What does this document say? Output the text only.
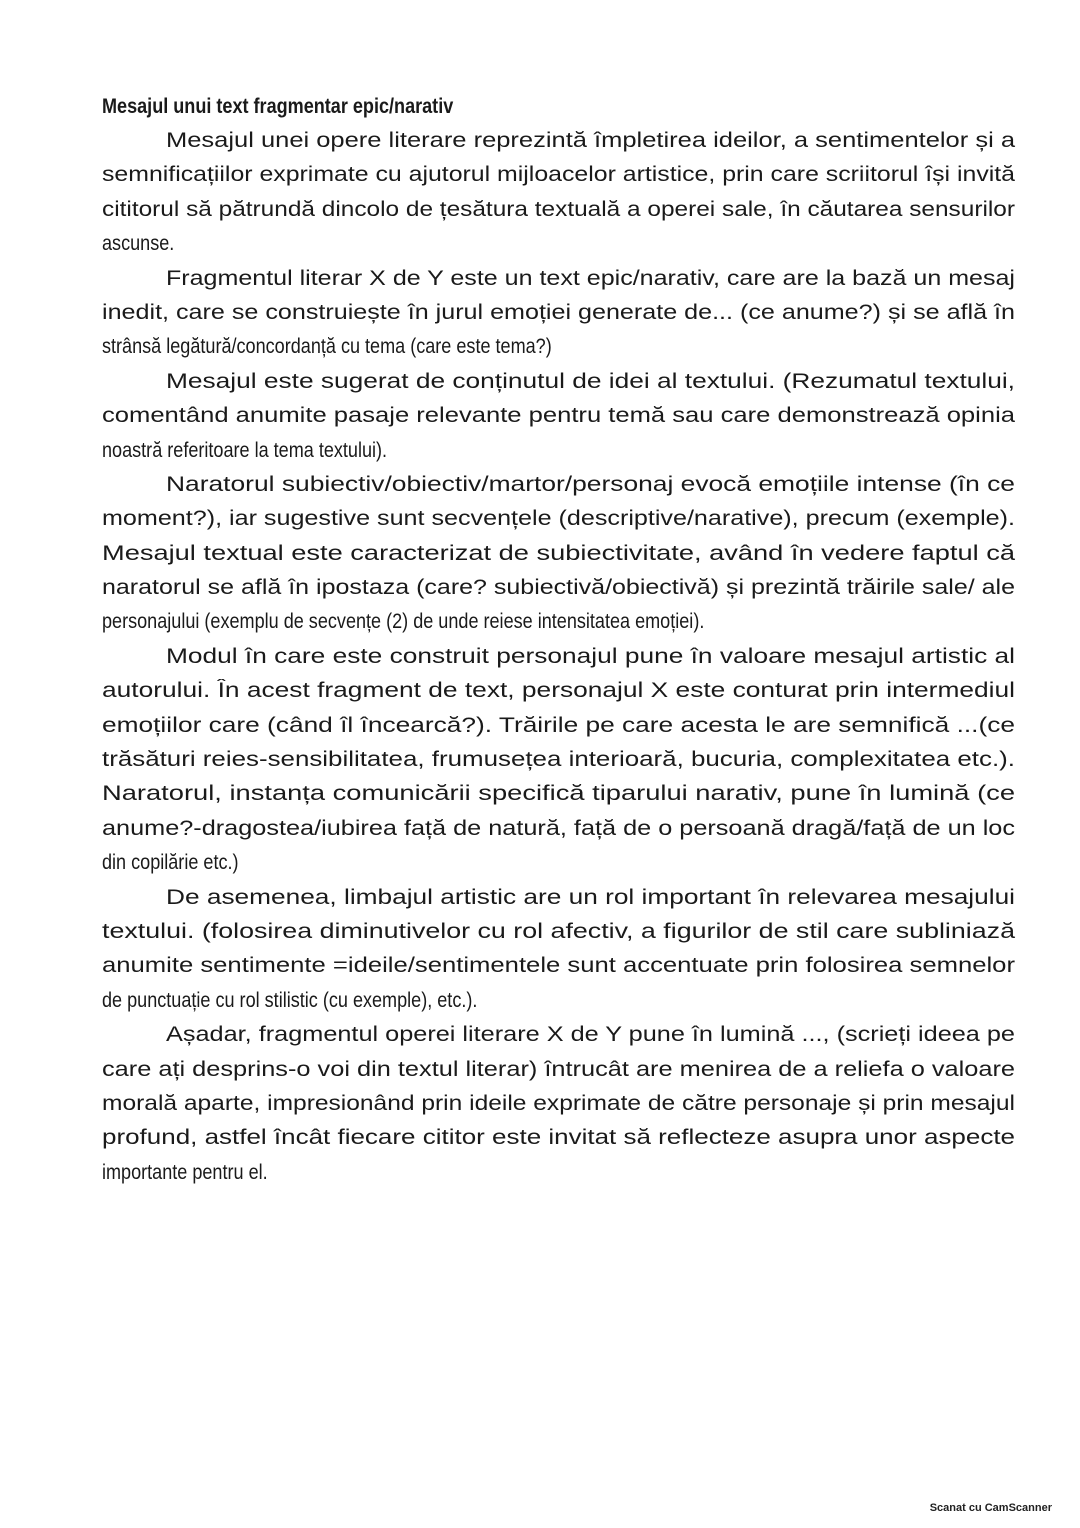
Mesajul unui text fragmentar epic/narativ
Mesajul unei opere literare reprezintă împletirea ideilor, a sentimentelor și a
semnificațiilor exprimate cu ajutorul mijloacelor artistice, prin care scriitorul își invită
cititorul să pătrundă dincolo de țesătura textuală a operei sale, în căutarea sensurilor
ascunse.
Fragmentul literar X de Y este un text epic/narativ, care are la bază un mesaj
inedit, care se construiește în jurul emoției generate de... (ce anume?) și se află în
strânsă legătură/concordanță cu tema (care este tema?)
Mesajul este sugerat de conținutul de idei al textului. (Rezumatul textului,
comentând anumite pasaje relevante pentru temă sau care demonstrează opinia
noastră referitoare la tema textului).
Naratorul subiectiv/obiectiv/martor/personaj evocă emoțiile intense (în ce
moment?), iar sugestive sunt secvențele (descriptive/narative), precum (exemple).
Mesajul textual este caracterizat de subiectivitate, având în vedere faptul că
naratorul se află în ipostaza (care? subiectivă/obiectivă) și prezintă trăirile sale/ ale
personajului (exemplu de secvențe (2) de unde reiese intensitatea emoției).
Modul în care este construit personajul pune în valoare mesajul artistic al
autorului. În acest fragment de text, personajul X este conturat prin intermediul
emoțiilor care (când îl încearcă?). Trăirile pe care acesta le are semnifică ...(ce
trăsături reies-sensibilitatea, frumusețea interioară, bucuria, complexitatea etc.).
Naratorul, instanța comunicării specifică tiparului narativ, pune în lumină (ce
anume?-dragostea/iubirea față de natură, față de o persoană dragă/față de un loc
din copilărie etc.)
De asemenea, limbajul artistic are un rol important în relevarea mesajului
textului. (folosirea diminutivelor cu rol afectiv, a figurilor de stil care subliniază
anumite sentimente =ideile/sentimentele sunt accentuate prin folosirea semnelor
de punctuație cu rol stilistic (cu exemple), etc.).
Așadar, fragmentul operei literare X de Y pune în lumină ..., (scrieți ideea pe
care ați desprins-o voi din textul literar) întrucât are menirea de a reliefa o valoare
morală aparte, impresionând prin ideile exprimate de către personaje și prin mesajul
profund, astfel încât fiecare cititor este invitat să reflecteze asupra unor aspecte
importante pentru el.
Scanat cu CamScanner
